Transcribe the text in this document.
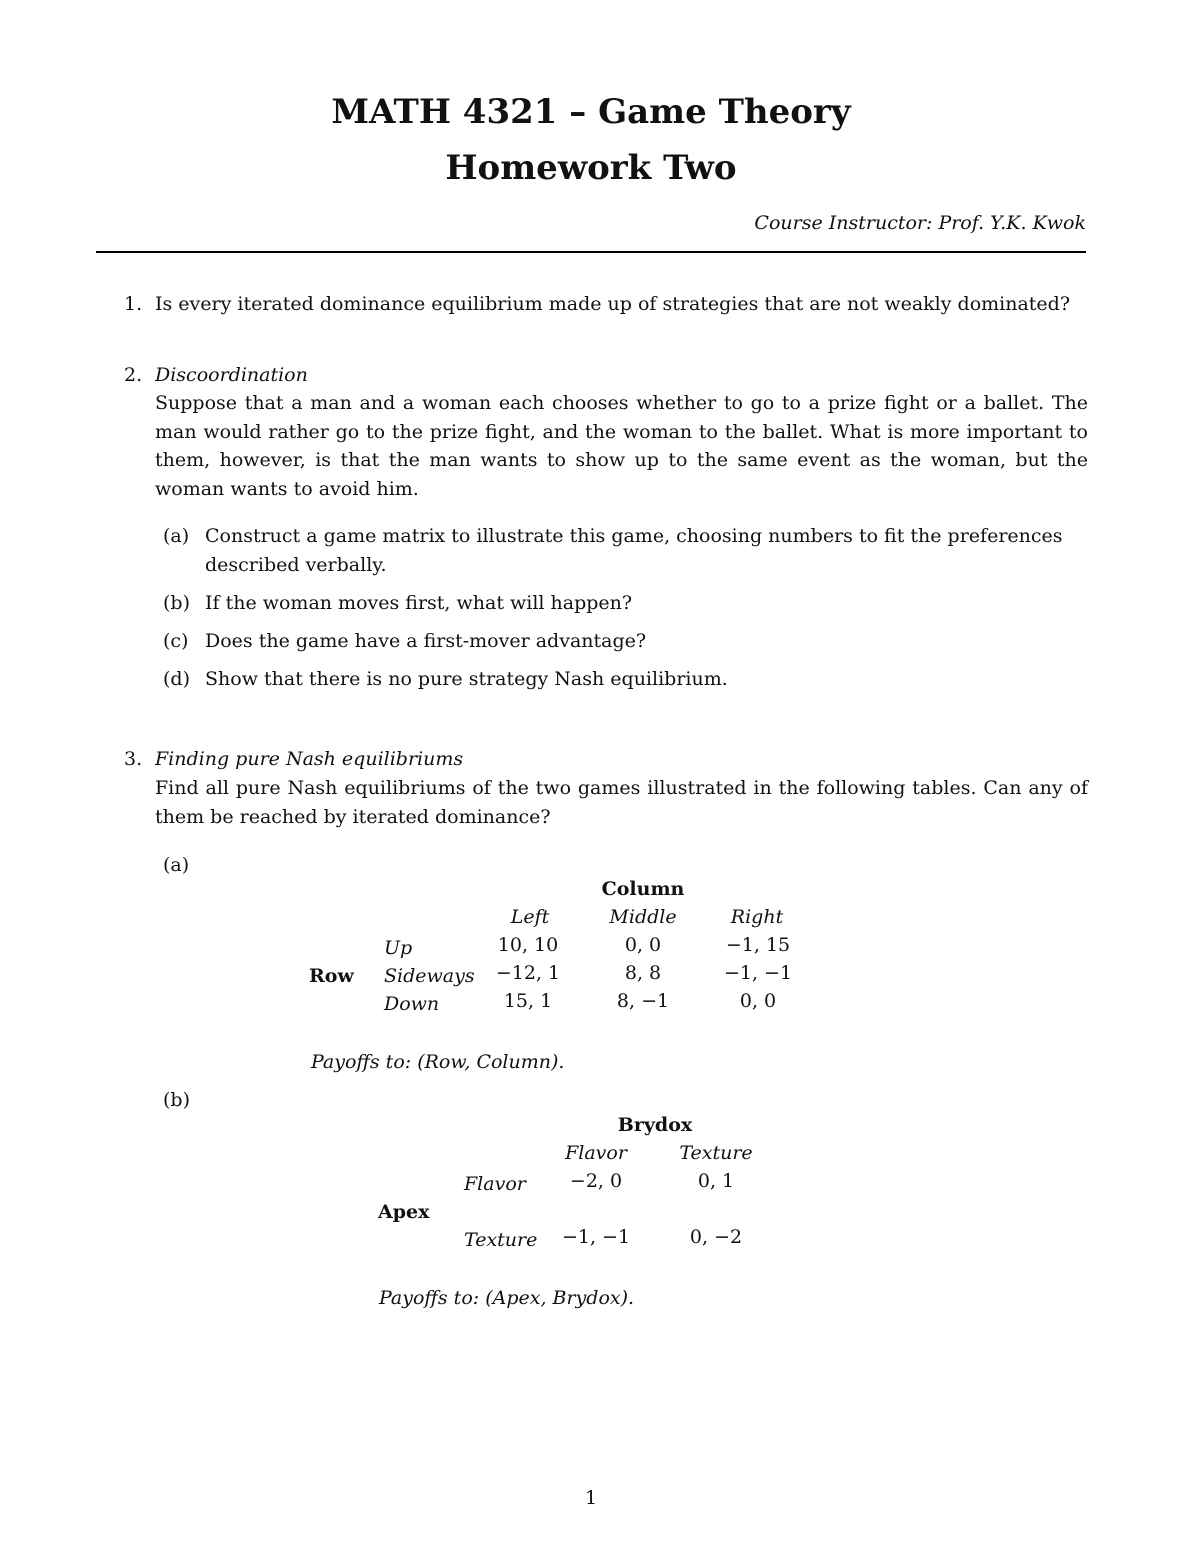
MATH 4321 – Game Theory
Homework Two
Course Instructor: Prof. Y.K. Kwok
1. Is every iterated dominance equilibrium made up of strategies that are not weakly dominated?
2. Discoordination
Suppose that a man and a woman each chooses whether to go to a prize fight or a ballet. The man would rather go to the prize fight, and the woman to the ballet. What is more important to them, however, is that the man wants to show up to the same event as the woman, but the woman wants to avoid him.
(a) Construct a game matrix to illustrate this game, choosing numbers to fit the preferences described verbally.
(b) If the woman moves first, what will happen?
(c) Does the game have a first-mover advantage?
(d) Show that there is no pure strategy Nash equilibrium.
3. Finding pure Nash equilibriums
Find all pure Nash equilibriums of the two games illustrated in the following tables. Can any of them be reached by iterated dominance?
(a)
Column
Left	Middle	Right
Row
Up	10, 10	0, 0	−1, 15
Sideways	−12, 1	8, 8	−1, −1
Down	15, 1	8, −1	0, 0
Payoffs to: (Row, Column).
(b)
Brydox
Flavor	Texture
Apex
Flavor	−2, 0	0, 1
Texture	−1, −1	0, −2
Payoffs to: (Apex, Brydox).
1
